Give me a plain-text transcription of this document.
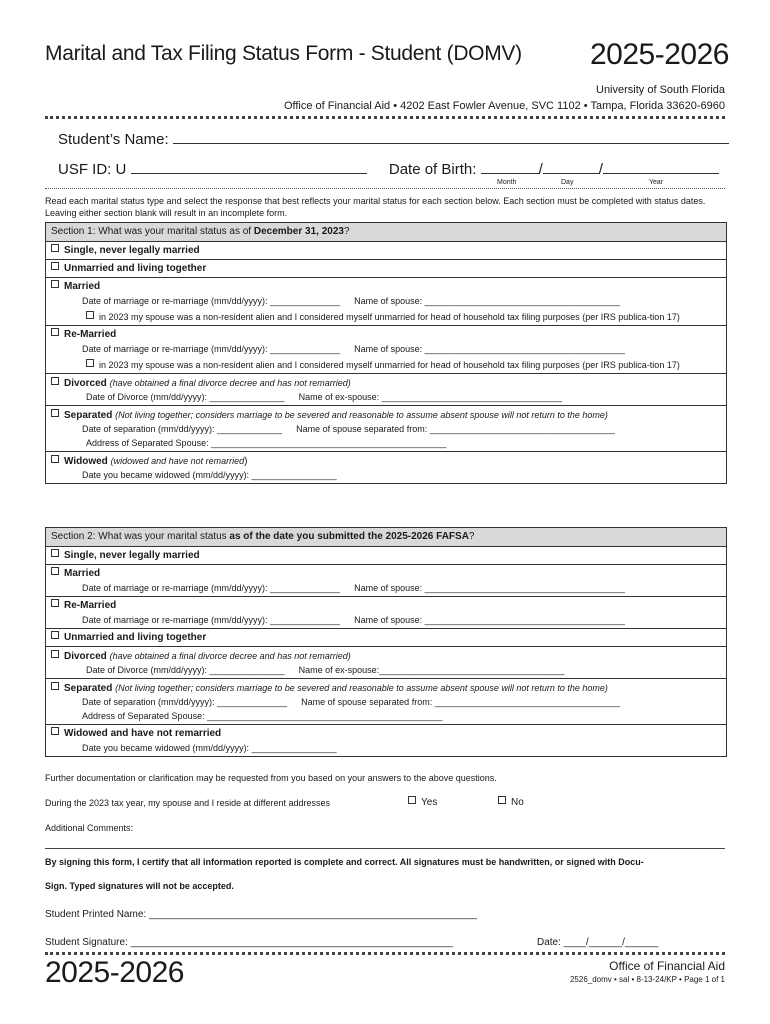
Marital and Tax Filing Status Form - Student (DOMV) 2025-2026
University of South Florida
Office of Financial Aid • 4202 East Fowler Avenue, SVC 1102 • Tampa, Florida 33620-6960
Student’s Name:
USF ID: U	Date of Birth:	/	/
Month	Day	Year
Read each marital status type and select the response that best reflects your marital status for each section below. Each section must be completed with status dates. Leaving either section blank will result in an incomplete form.
Section 1: What was your marital status as of December 31, 2023?
Single, never legally married
Unmarried and living together
Married
Date of marriage or re-marriage (mm/dd/yyyy): ______________ Name of spouse: _______________________________________
in 2023 my spouse was a non-resident alien and I considered myself unmarried for head of household tax filing purposes (per IRS publica-tion 17)
Re-Married
Date of marriage or re-marriage (mm/dd/yyyy): ______________ Name of spouse: ________________________________________
in 2023 my spouse was a non-resident alien and I considered myself unmarried for head of household tax filing purposes (per IRS publica-tion 17)
Divorced (have obtained a final divorce decree and has not remarried)
Date of Divorce (mm/dd/yyyy): _______________ Name of ex-spouse: ____________________________________
Separated (Not living together; considers marriage to be severed and reasonable to assume absent spouse will not return to the home)
Date of separation (mm/dd/yyyy): _____________ Name of spouse separated from: _____________________________________
Address of Separated Spouse: _______________________________________________
Widowed (widowed and have not remarried)
Date you became widowed (mm/dd/yyyy): _________________
Section 2: What was your marital status as of the date you submitted the 2025-2026 FAFSA?
Single, never legally married
Married
Date of marriage or re-marriage (mm/dd/yyyy): ______________ Name of spouse: ________________________________________
Re-Married
Date of marriage or re-marriage (mm/dd/yyyy): ______________ Name of spouse: ________________________________________
Unmarried and living together
Divorced (have obtained a final divorce decree and has not remarried)
Date of Divorce (mm/dd/yyyy): _______________ Name of ex-spouse:_____________________________________
Separated (Not living together; considers marriage to be severed and reasonable to assume absent spouse will not return to the home)
Date of separation (mm/dd/yyyy): ______________ Name of spouse separated from: _____________________________________
Address of Separated Spouse: _______________________________________________
Widowed and have not remarried
Date you became widowed (mm/dd/yyyy): _________________
Further documentation or clarification may be requested from you based on your answers to the above questions.
During the 2023 tax year, my spouse and I reside at different addresses	Yes	No
Additional Comments:
By signing this form, I certify that all information reported is complete and correct. All signatures must be handwritten, or signed with Docu-
Sign. Typed signatures will not be accepted.
Student Printed Name: ___________________________________________________________
Student Signature: __________________________________________________________	Date: ____/______/______
2025-2026	Office of Financial Aid
2526_domv • sal • 8-13-24/KP • Page 1 of 1
